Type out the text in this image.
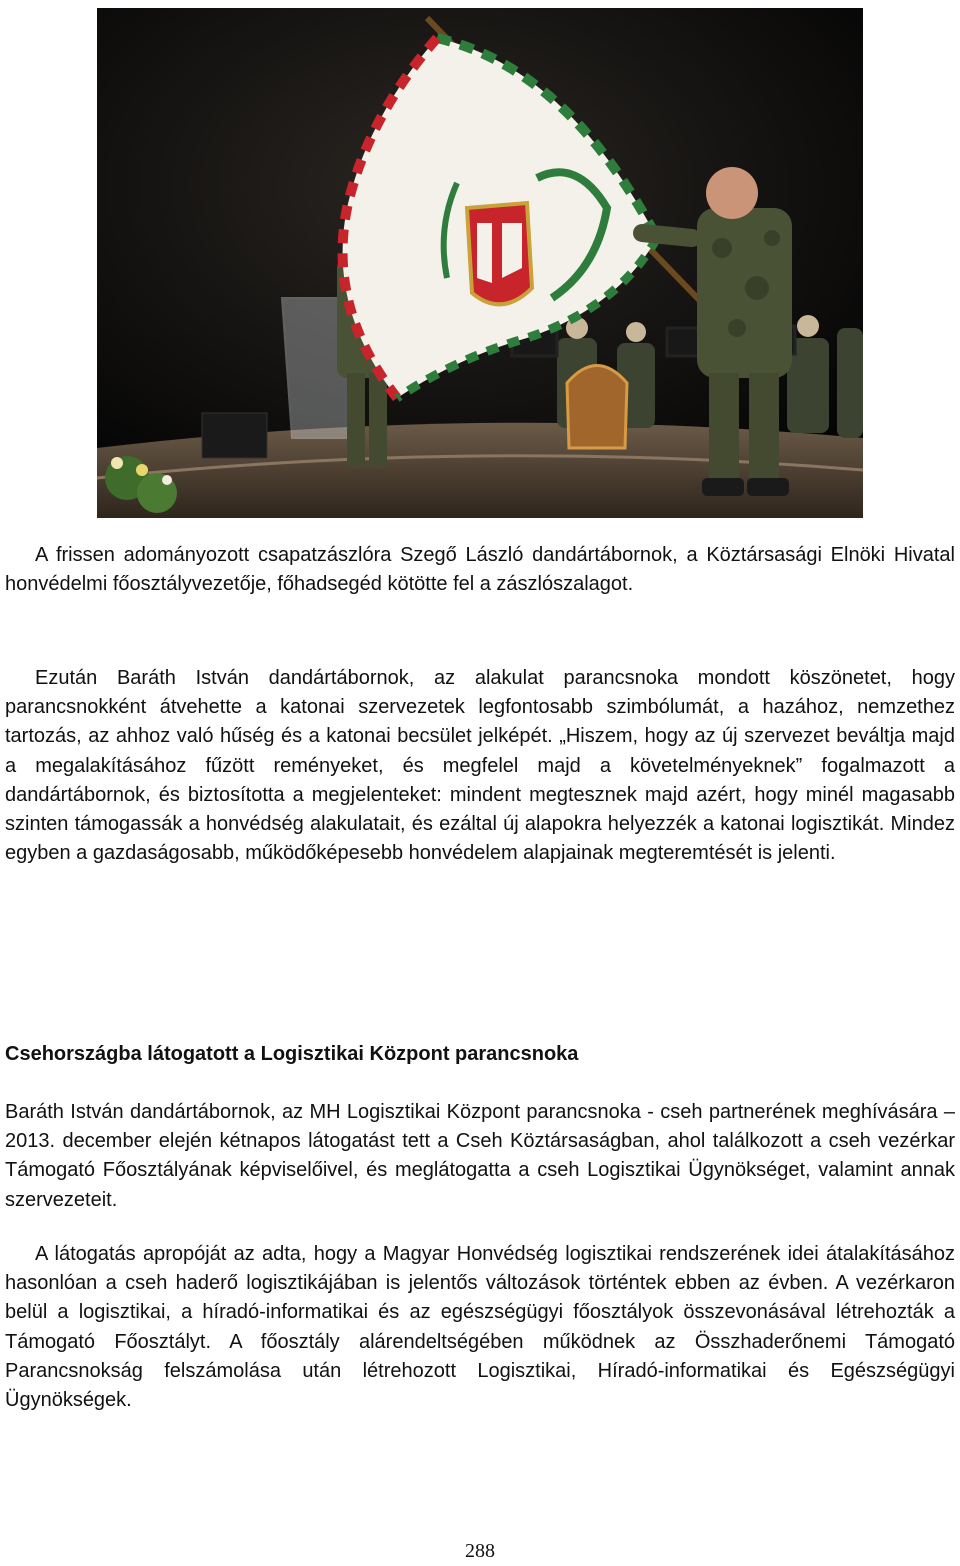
A frissen adományozott csapatzászlóra Szegő László dandártábornok, a Köztársasági Elnöki Hivatal honvédelmi főosztályvezetője, főhadsegéd kötötte fel a zászlószalagot.

Ezután Baráth István dandártábornok, az alakulat parancsnoka mondott köszönetet, hogy parancsnokként átvehette a katonai szervezetek legfontosabb szimbólumát, a hazához, nemzethez tartozás, az ahhoz való hűség és a katonai becsület jelképét. „Hiszem, hogy az új szervezet beváltja majd a megalakításához fűzött reményeket, és megfelel majd a követelményeknek” fogalmazott a dandártábornok, és biztosította a megjelenteket: mindent megtesznek majd azért, hogy minél magasabb szinten támogassák a honvédség alakulatait, és ezáltal új alapokra helyezzék a katonai logisztikát. Mindez egyben a gazdaságosabb, működőképesebb honvédelem alapjainak megteremtését is jelenti.

Csehországba látogatott a Logisztikai Központ parancsnoka

Baráth István dandártábornok, az MH Logisztikai Központ parancsnoka - cseh partnerének meghívására – 2013. december elején kétnapos látogatást tett a Cseh Köztársaságban, ahol találkozott a cseh vezérkar Támogató Főosztályának képviselőivel, és meglátogatta a cseh Logisztikai Ügynökséget, valamint annak szervezeteit.

A látogatás apropóját az adta, hogy a Magyar Honvédség logisztikai rendszerének idei átalakításához hasonlóan a cseh haderő logisztikájában is jelentős változások történtek ebben az évben. A vezérkaron belül a logisztikai, a híradó-informatikai és az egészségügyi főosztályok összevonásával létrehozták a Támogató Főosztályt. A főosztály alárendeltségében működnek az Összhaderőnemi Támogató Parancsnokság felszámolása után létrehozott Logisztikai, Híradó-informatikai és Egészségügyi Ügynökségek.

288
